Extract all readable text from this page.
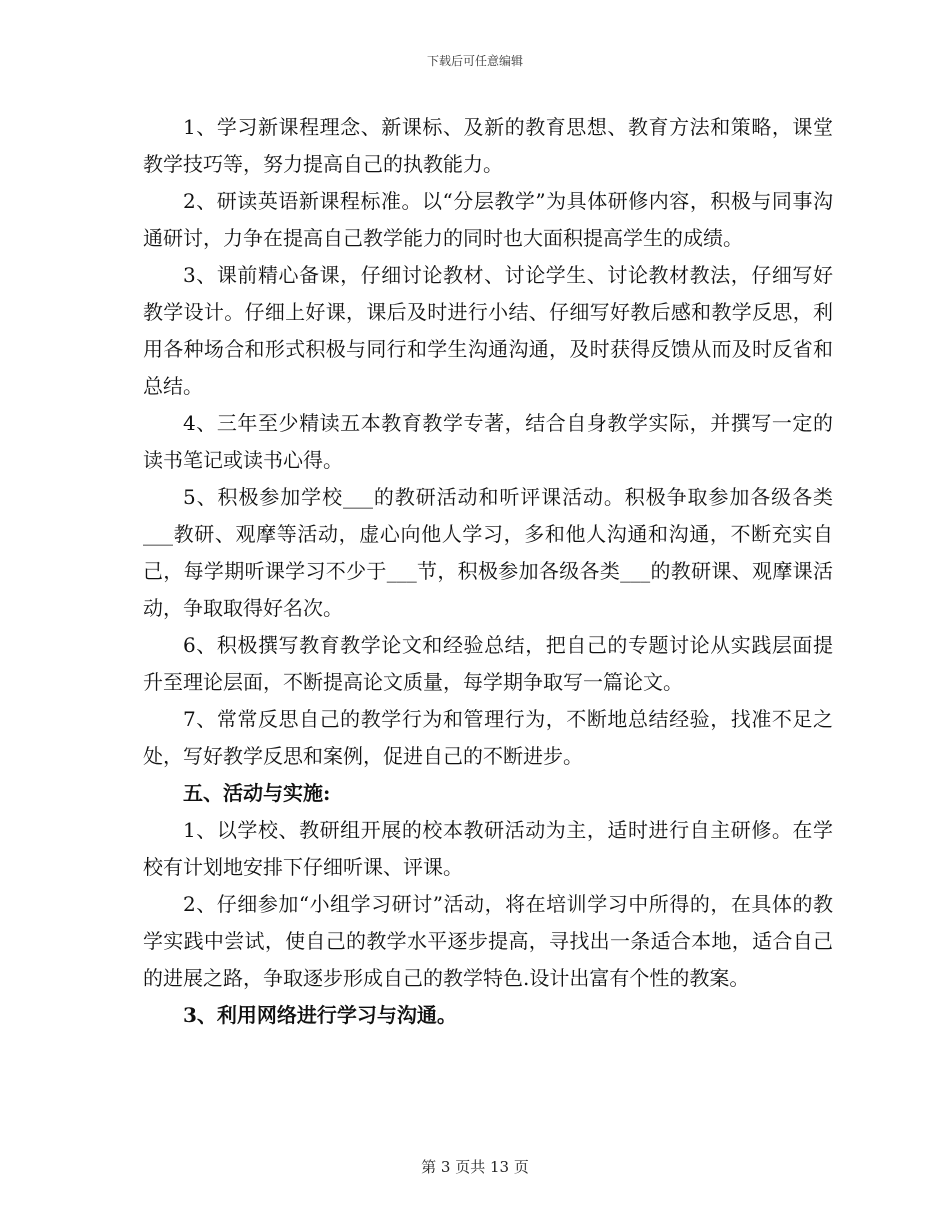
下载后可任意编辑

1、学习新课程理念、新课标、及新的教育思想、教育方法和策略，课堂教学技巧等，努力提高自己的执教能力。

2、研读英语新课程标准。以“分层教学”为具体研修内容，积极与同事沟通研讨，力争在提高自己教学能力的同时也大面积提高学生的成绩。

3、课前精心备课，仔细讨论教材、讨论学生、讨论教材教法，仔细写好教学设计。仔细上好课，课后及时进行小结、仔细写好教后感和教学反思，利用各种场合和形式积极与同行和学生沟通沟通，及时获得反馈从而及时反省和总结。

4、三年至少精读五本教育教学专著，结合自身教学实际，并撰写一定的读书笔记或读书心得。

5、积极参加学校___的教研活动和听评课活动。积极争取参加各级各类___教研、观摩等活动，虚心向他人学习，多和他人沟通和沟通，不断充实自己，每学期听课学习不少于___节，积极参加各级各类___的教研课、观摩课活动，争取取得好名次。

6、积极撰写教育教学论文和经验总结，把自己的专题讨论从实践层面提升至理论层面，不断提高论文质量，每学期争取写一篇论文。

7、常常反思自己的教学行为和管理行为，不断地总结经验，找准不足之处，写好教学反思和案例，促进自己的不断进步。

五、活动与实施:

1、以学校、教研组开展的校本教研活动为主，适时进行自主研修。在学校有计划地安排下仔细听课、评课。

2、仔细参加“小组学习研讨”活动，将在培训学习中所得的，在具体的教学实践中尝试，使自己的教学水平逐步提高，寻找出一条适合本地，适合自己的进展之路，争取逐步形成自己的教学特色.设计出富有个性的教案。

3、利用网络进行学习与沟通。

第 3 页共 13 页
